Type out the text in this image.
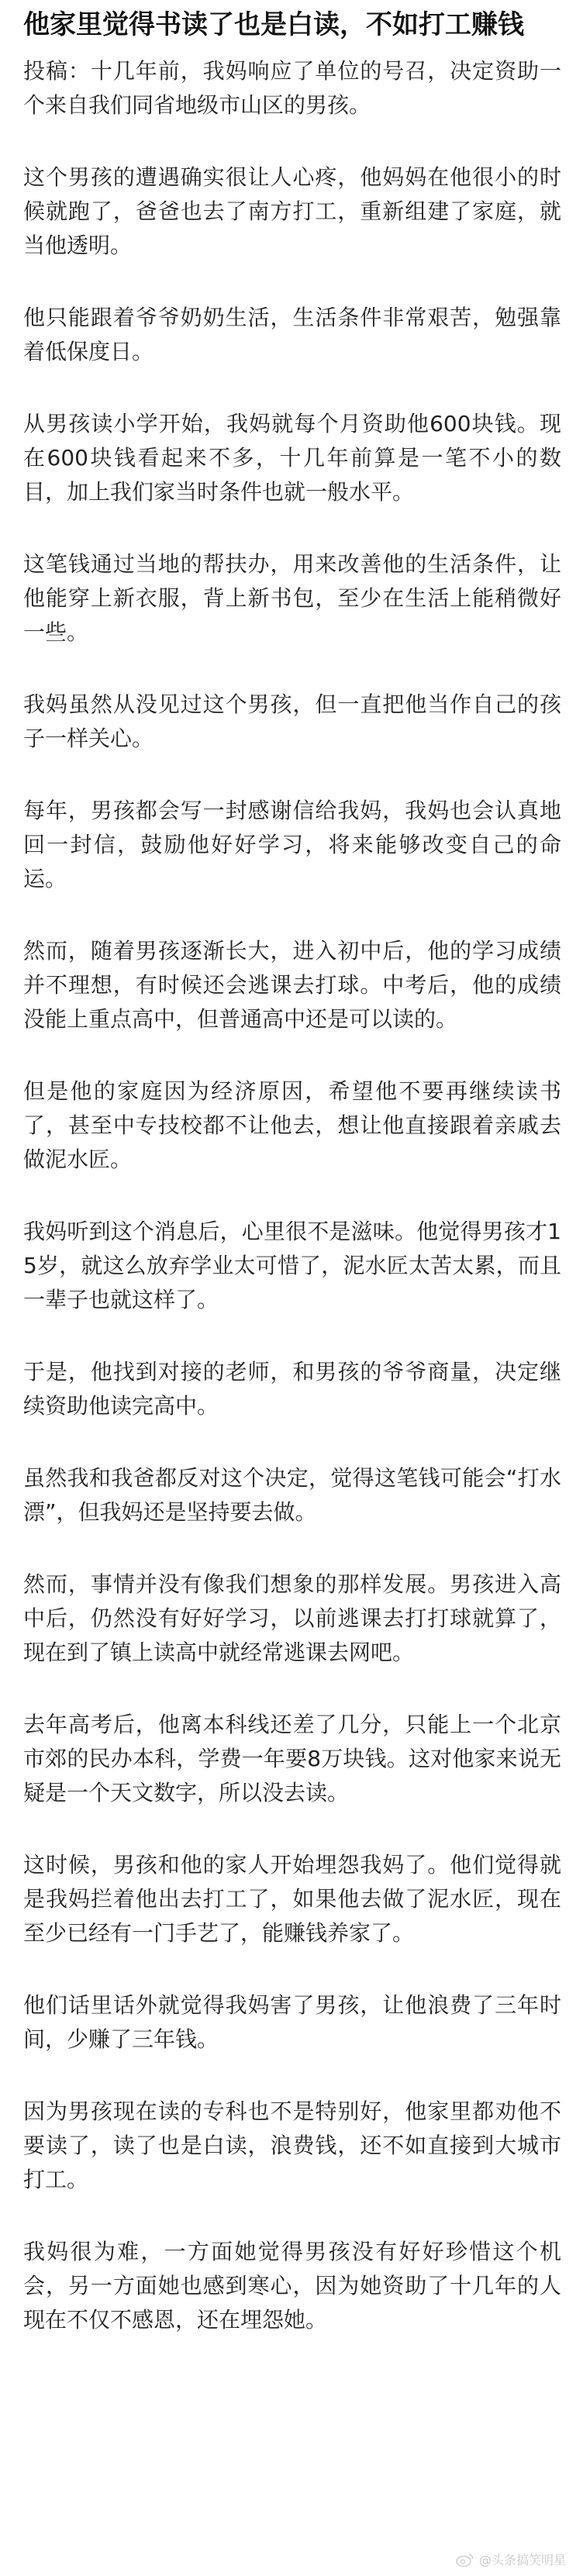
他家里觉得书读了也是白读，不如打工赚钱

投稿：十几年前，我妈响应了单位的号召，决定资助一个来自我们同省地级市山区的男孩。

这个男孩的遭遇确实很让人心疼，他妈妈在他很小的时候就跑了，爸爸也去了南方打工，重新组建了家庭，就当他透明。

他只能跟着爷爷奶奶生活，生活条件非常艰苦，勉强靠着低保度日。

从男孩读小学开始，我妈就每个月资助他600块钱。现在600块钱看起来不多，十几年前算是一笔不小的数目，加上我们家当时条件也就一般水平。

这笔钱通过当地的帮扶办，用来改善他的生活条件，让他能穿上新衣服，背上新书包，至少在生活上能稍微好一些。

我妈虽然从没见过这个男孩，但一直把他当作自己的孩子一样关心。

每年，男孩都会写一封感谢信给我妈，我妈也会认真地回一封信，鼓励他好好学习，将来能够改变自己的命运。

然而，随着男孩逐渐长大，进入初中后，他的学习成绩并不理想，有时候还会逃课去打球。中考后，他的成绩没能上重点高中，但普通高中还是可以读的。

但是他的家庭因为经济原因，希望他不要再继续读书了，甚至中专技校都不让他去，想让他直接跟着亲戚去做泥水匠。

我妈听到这个消息后，心里很不是滋味。他觉得男孩才15岁，就这么放弃学业太可惜了，泥水匠太苦太累，而且一辈子也就这样了。

于是，他找到对接的老师，和男孩的爷爷商量，决定继续资助他读完高中。

虽然我和我爸都反对这个决定，觉得这笔钱可能会“打水漂”，但我妈还是坚持要去做。

然而，事情并没有像我们想象的那样发展。男孩进入高中后，仍然没有好好学习，以前逃课去打打球就算了，现在到了镇上读高中就经常逃课去网吧。

去年高考后，他离本科线还差了几分，只能上一个北京市郊的民办本科，学费一年要8万块钱。这对他家来说无疑是一个天文数字，所以没去读。

这时候，男孩和他的家人开始埋怨我妈了。他们觉得就是我妈拦着他出去打工了，如果他去做了泥水匠，现在至少已经有一门手艺了，能赚钱养家了。

他们话里话外就觉得我妈害了男孩，让他浪费了三年时间，少赚了三年钱。

因为男孩现在读的专科也不是特别好，他家里都劝他不要读了，读了也是白读，浪费钱，还不如直接到大城市打工。

我妈很为难，一方面她觉得男孩没有好好珍惜这个机会，另一方面她也感到寒心，因为她资助了十几年的人现在不仅不感恩，还在埋怨她。

@头条搞笑明星
